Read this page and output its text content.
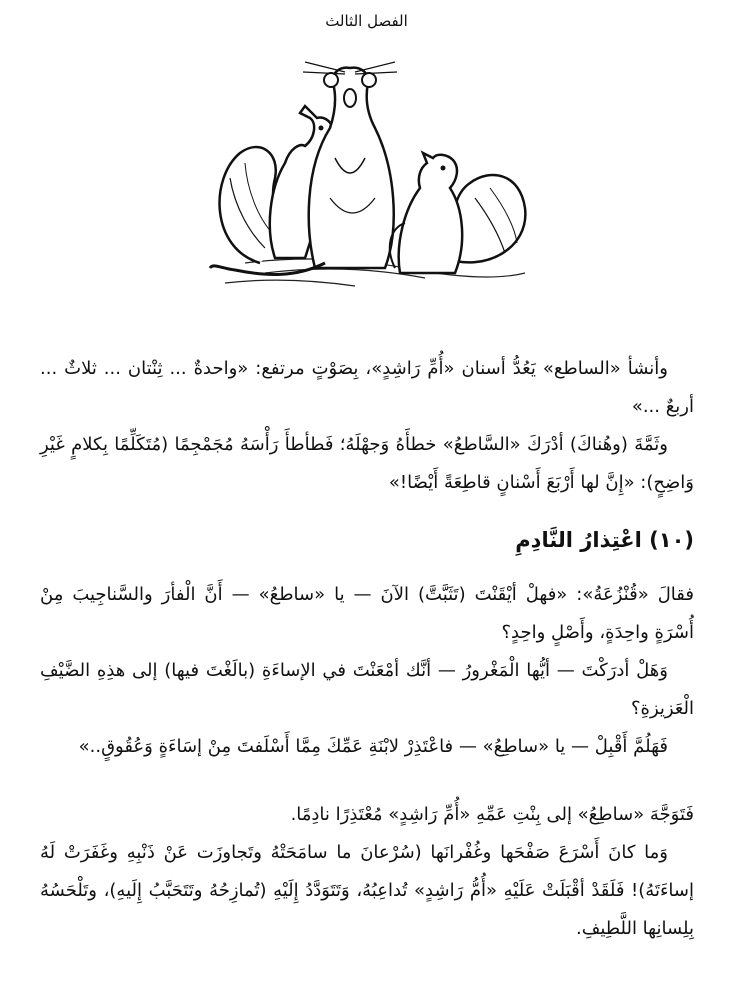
الفصل الثالث

وأنشأ «الساطع» يَعُدُّ أسنان «أُمِّ رَاشِدٍ»، بِصَوْتٍ مرتفع: «واحدةٌ ... ثِنْتان ... ثلاثٌ ... أربعٌ ...»

وثَمَّةَ (وهُناكَ) أدْرَكَ «السَّاطعُ» خطأَهُ وَجهْلَهُ؛ فَطأطأَ رَأْسَهُ مُجَمْجِمًا (مُتَكَلِّمًا بِكلامٍ غَيْرِ وَاضِحٍ): «إِنَّ لها أَرْبَعَ أَسْنانٍ قاطِعَةً أَيْضًا!»

(١٠) اعْتِذارُ النَّادِمِ

فقالَ «قُنْزُعَةُ»: «فهلْ أيْقَنْتَ (تَثَبَّتَّ) الآنَ — يا «ساطعُ» — أَنَّ الْفأرَ والسَّناجِيبَ مِنْ أُسْرَةٍ واحِدَةٍ، وأَصْلٍ واحِدٍ؟

وَهَلْ أدرَكْتَ — أيُّها الْمَغْرورُ — أنَّك أمْعَنْتَ في الإساءَةِ (بالَغْتَ فيها) إلى هذِهِ الضَّيْفِ الْعَزيزةِ؟

فَهَلُمَّ أَقْبِلْ — يا «ساطِعُ» — فاعْتَذِرْ لابْنَةِ عَمِّكَ مِمَّا أَسْلَفتَ مِنْ إسَاءَةٍ وَعُقُوقٍ..»

فَتَوَجَّهَ «ساطِعُ» إلى بِنْتِ عَمِّهِ «أُمِّ رَاشِدٍ» مُعْتَذِرًا نادِمًا.

وَما كانَ أَسْرَعَ صَفْحَها وغُفْرانَها (سُرْعانَ ما سامَحَتْهُ وتَجاوزَت عَنْ ذَنْبِهِ وغَفَرَتْ لَهُ إساءَتَهُ)! فَلَقَدْ أقْبَلَتْ عَلَيْهِ «أُمُّ رَاشِدٍ» تُداعِبُهُ، وَتَتَوَدَّدُ إِلَيْهِ (تُمازِحُهُ وتَتَحَبَّبُ إِلَيهِ)، وتَلْحَسُهُ بِلِسانِها اللَّطِيفِ.
